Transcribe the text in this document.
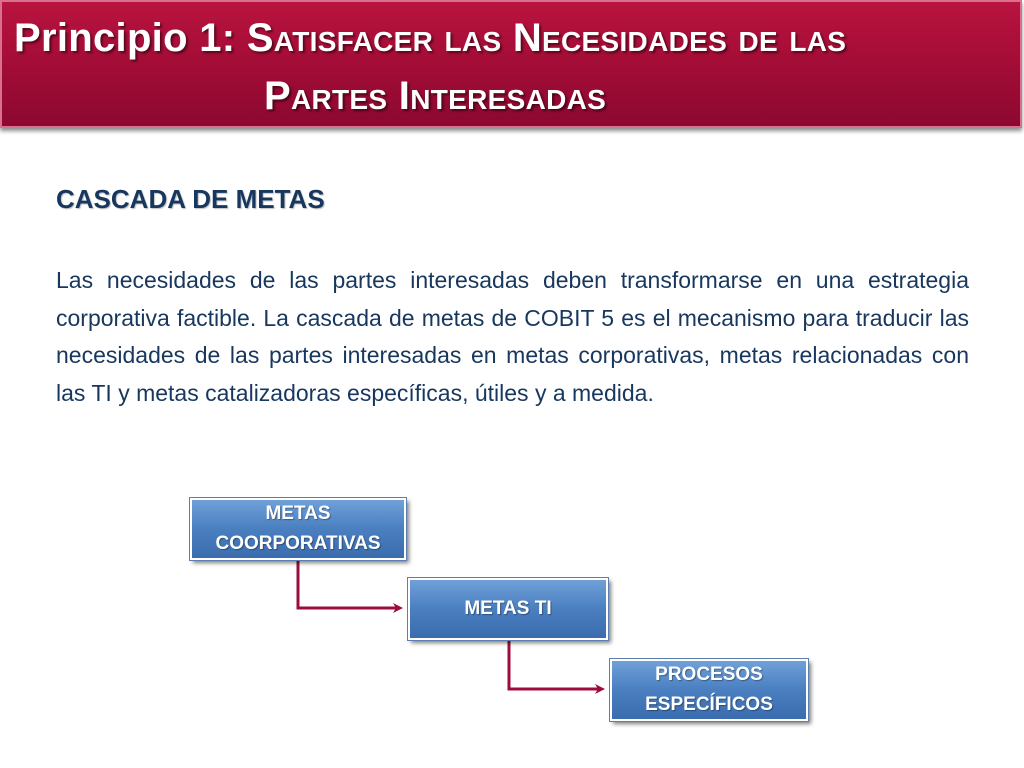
Principio 1: Satisfacer las Necesidades de las
Partes Interesadas
CASCADA DE METAS
Las necesidades de las partes interesadas deben transformarse en una estrategia corporativa factible. La cascada de metas de COBIT 5 es el mecanismo para traducir las necesidades de las partes interesadas en metas corporativas, metas relacionadas con las TI y metas catalizadoras específicas, útiles y a medida.
METAS
COORPORATIVAS
METAS TI
PROCESOS
ESPECÍFICOS
